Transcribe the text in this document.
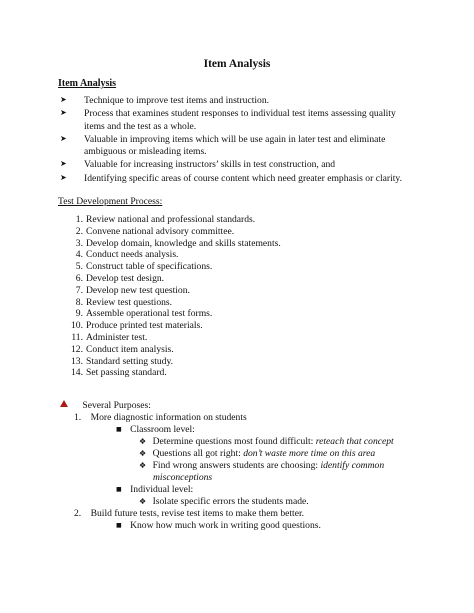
Item Analysis
Item Analysis
➤ Technique to improve test items and instruction.
➤ Process that examines student responses to individual test items assessing quality items and the test as a whole.
➤ Valuable in improving items which will be use again in later test and eliminate ambiguous or misleading items.
➤ Valuable for increasing instructors’ skills in test construction, and
➤ Identifying specific areas of course content which need greater emphasis or clarity.
Test Development Process:
1. Review national and professional standards.
2. Convene national advisory committee.
3. Develop domain, knowledge and skills statements.
4. Conduct needs analysis.
5. Construct table of specifications.
6. Develop test design.
7. Develop new test question.
8. Review test questions.
9. Assemble operational test forms.
10. Produce printed test materials.
11. Administer test.
12. Conduct item analysis.
13. Standard setting study.
14. Set passing standard.
Several Purposes:
1. More diagnostic information on students
■ Classroom level:
❖ Determine questions most found difficult: reteach that concept
❖ Questions all got right: don’t waste more time on this area
❖ Find wrong answers students are choosing: identify common
misconceptions
■ Individual level:
❖ Isolate specific errors the students made.
2. Build future tests, revise test items to make them better.
■ Know how much work in writing good questions.
